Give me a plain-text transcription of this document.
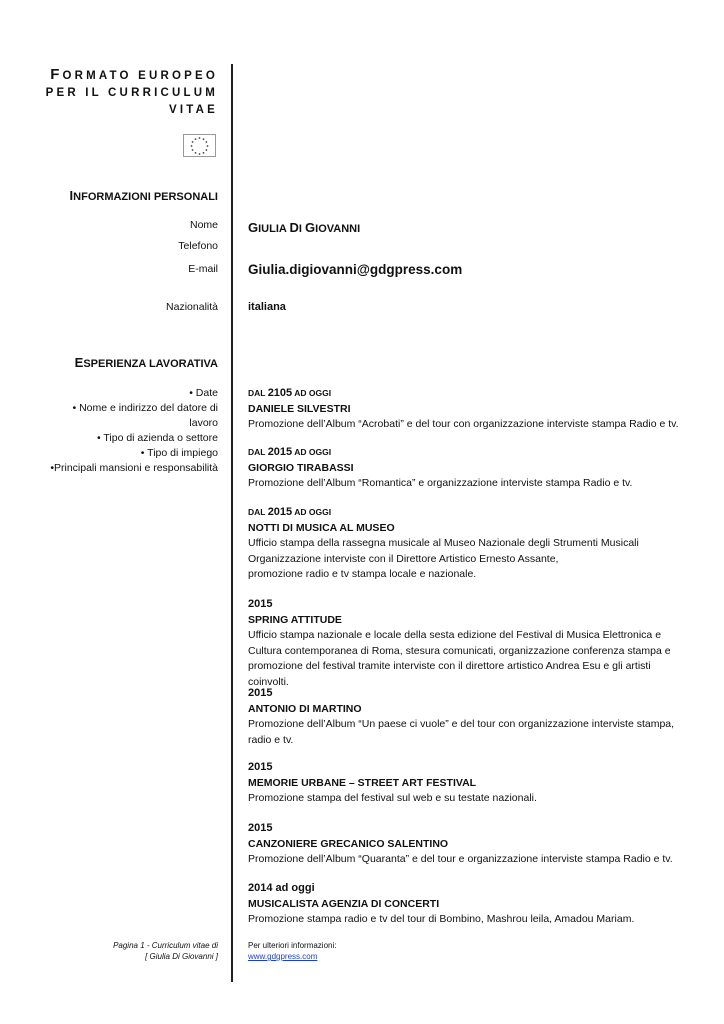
FORMATO EUROPEO
PER IL CURRICULUM
VITAE
INFORMAZIONI PERSONALI
Nome GIULIA DI GIOVANNI
Telefono
E-mail Giulia.digiovanni@gdgpress.com
Nazionalità	italiana
ESPERIENZA LAVORATIVA
• Date
• Nome e indirizzo del datore di
lavoro
• Tipo di azienda o settore
• Tipo di impiego
•Principali mansioni e responsabilità
DAL 2105 AD OGGI
DANIELE SILVESTRI
Promozione dell’Album “Acrobati” e del tour con organizzazione interviste stampa Radio e tv.
DAL 2015 AD OGGI
GIORGIO TIRABASSI
Promozione dell’Album “Romantica” e organizzazione interviste stampa Radio e tv.
DAL 2015 AD OGGI
NOTTI DI MUSICA AL MUSEO
Ufficio stampa della rassegna musicale al Museo Nazionale degli Strumenti Musicali
Organizzazione interviste con il Direttore Artistico Ernesto Assante,
promozione radio e tv stampa locale e nazionale.
2015
SPRING ATTITUDE
Ufficio stampa nazionale e locale della sesta edizione del Festival di Musica Elettronica e
Cultura contemporanea di Roma, stesura comunicati, organizzazione conferenza stampa e
promozione del festival tramite interviste con il direttore artistico Andrea Esu e gli artisti coinvolti.
2015
ANTONIO DI MARTINO
Promozione dell’Album “Un paese ci vuole” e del tour con organizzazione interviste stampa,
radio e tv.
2015
MEMORIE URBANE – STREET ART FESTIVAL
Promozione stampa del festival sul web e su testate nazionali.
2015
CANZONIERE GRECANICO SALENTINO
Promozione dell’Album “Quaranta” e del tour e organizzazione interviste stampa Radio e tv.
2014 ad oggi
MUSICALISTA AGENZIA DI CONCERTI
Promozione stampa radio e tv del tour di Bombino, Mashrou leila, Amadou Mariam.
Pagina 1 - Curriculum vitae di
[ Giulia Di Giovanni ]
Per ulteriori informazioni:
www.gdgpress.com
